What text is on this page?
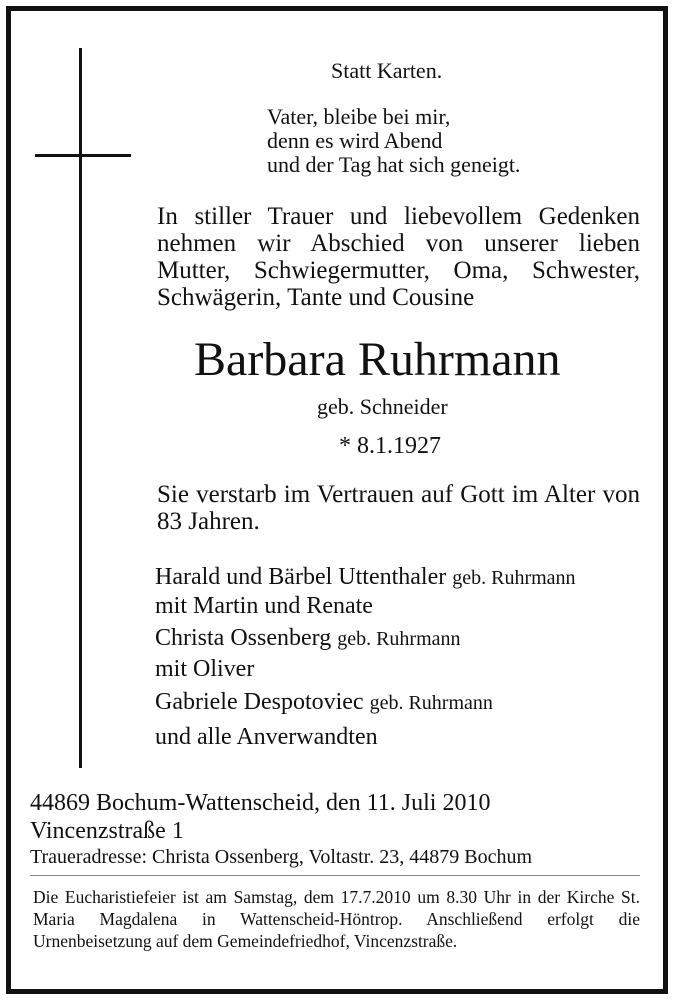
Statt Karten.
Vater, bleibe bei mir,
denn es wird Abend
und der Tag hat sich geneigt.
In stiller Trauer und liebevollem Gedenken nehmen wir Abschied von unserer lieben Mutter, Schwiegermutter, Oma, Schwester, Schwägerin, Tante und Cousine
Barbara Ruhrmann
geb. Schneider
* 8.1.1927
Sie verstarb im Vertrauen auf Gott im Alter von 83 Jahren.
Harald und Bärbel Uttenthaler geb. Ruhrmann
mit Martin und Renate
Christa Ossenberg geb. Ruhrmann
mit Oliver
Gabriele Despotoviec geb. Ruhrmann
und alle Anverwandten
44869 Bochum-Wattenscheid, den 11. Juli 2010
Vincenzstraße 1
Traueradresse: Christa Ossenberg, Voltastr. 23, 44879 Bochum
Die Eucharistiefeier ist am Samstag, dem 17.7.2010 um 8.30 Uhr in der Kirche St. Maria Magdalena in Wattenscheid-Höntrop. Anschließend erfolgt die Urnenbeisetzung auf dem Gemeindefriedhof, Vincenzstraße.
